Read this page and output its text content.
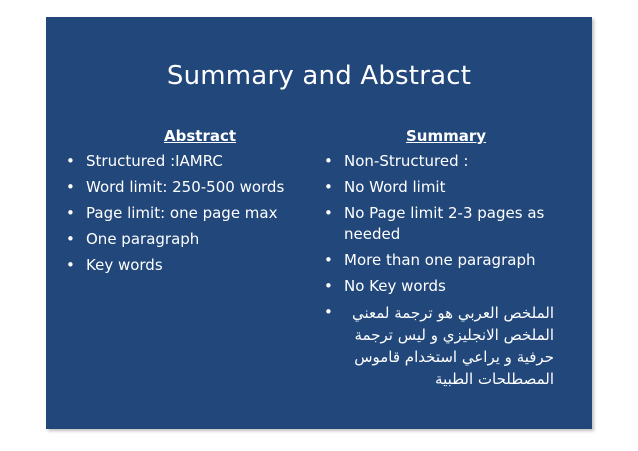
Summary and Abstract
Abstract
• Structured :IAMRC
• Word limit: 250-500 words
• Page limit: one page max
• One paragraph
• Key words
Summary
• Non-Structured :
• No Word limit
• No Page limit 2-3 pages as needed
• More than one paragraph
• No Key words
•	الملخص العربي هو ترجمة لمعني الملخص الانجليزي و ليس ترجمة حرفية و يراعي استخدام قاموس المصطلحات الطبية
